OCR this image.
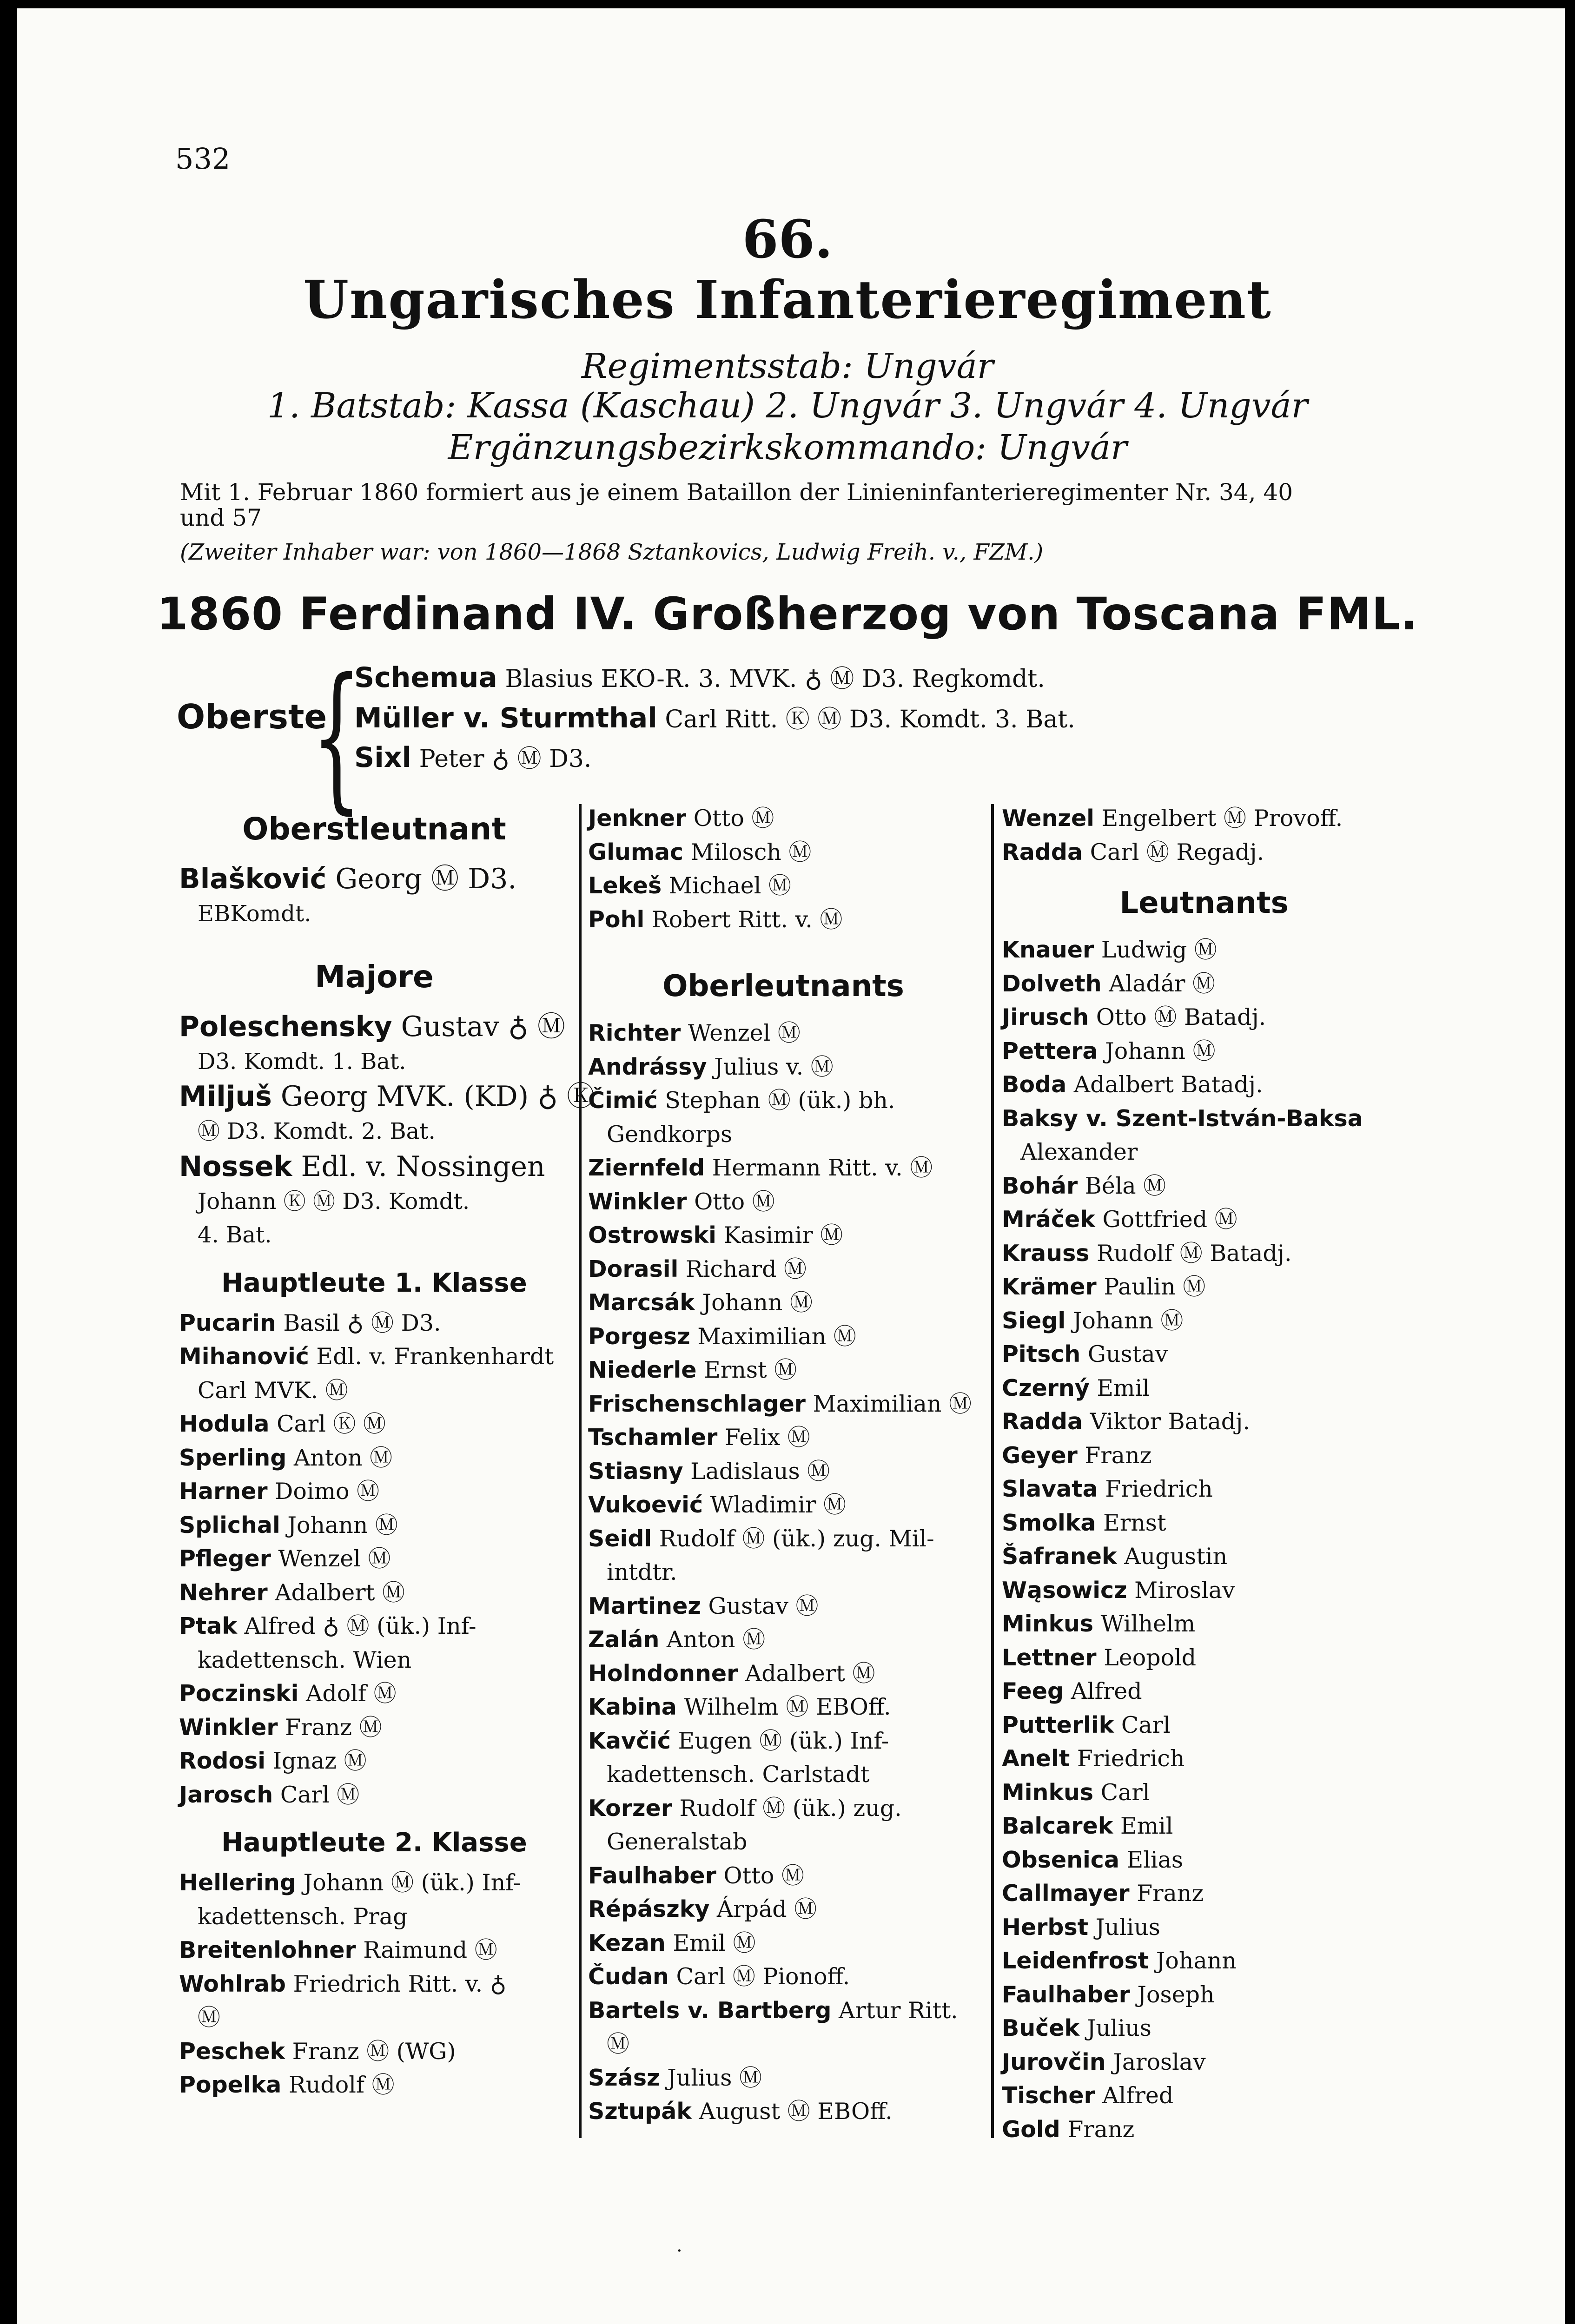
532
66.
Ungarisches Infanterieregiment
Regimentsstab: Ungvár
1. Batstab: Kassa (Kaschau) 2. Ungvár 3. Ungvár 4. Ungvár
Ergänzungsbezirkskommando: Ungvár
Mit 1. Februar 1860 formiert aus je einem Bataillon der Linieninfanterieregimenter Nr. 34, 40
und 57
(Zweiter Inhaber war: von 1860—1868 Sztankovics, Ludwig Freih. v., FZM.)
1860 Ferdinand IV. Großherzog von Toscana FML.
Oberste
{
Schemua Blasius EKO-R. 3. MVK. ♁ Ⓜ D3. Regkomdt.
Müller v. Sturmthal Carl Ritt. Ⓚ Ⓜ D3. Komdt. 3. Bat.
Sixl Peter ♁ Ⓜ D3.
Oberstleutnant
Blašković Georg Ⓜ D3.
EBKomdt.
Majore
Poleschensky Gustav ♁ Ⓜ
D3. Komdt. 1. Bat.
Miljuš Georg MVK. (KD) ♁ Ⓚ
Ⓜ D3. Komdt. 2. Bat.
Nossek Edl. v. Nossingen
Johann Ⓚ Ⓜ D3. Komdt.
4. Bat.
Hauptleute 1. Klasse
Pucarin Basil ♁ Ⓜ D3.
Mihanović Edl. v. Frankenhardt
Carl MVK. Ⓜ
Hodula Carl Ⓚ Ⓜ
Sperling Anton Ⓜ
Harner Doimo Ⓜ
Splichal Johann Ⓜ
Pfleger Wenzel Ⓜ
Nehrer Adalbert Ⓜ
Ptak Alfred ♁ Ⓜ (ük.) Inf-
kadettensch. Wien
Poczinski Adolf Ⓜ
Winkler Franz Ⓜ
Rodosi Ignaz Ⓜ
Jarosch Carl Ⓜ
Hauptleute 2. Klasse
Hellering Johann Ⓜ (ük.) Inf-
kadettensch. Prag
Breitenlohner Raimund Ⓜ
Wohlrab Friedrich Ritt. v. ♁
Ⓜ
Peschek Franz Ⓜ (WG)
Popelka Rudolf Ⓜ
Jenkner Otto Ⓜ
Glumac Milosch Ⓜ
Lekeš Michael Ⓜ
Pohl Robert Ritt. v. Ⓜ
Oberleutnants
Richter Wenzel Ⓜ
Andrássy Julius v. Ⓜ
Čimić Stephan Ⓜ (ük.) bh.
Gendkorps
Ziernfeld Hermann Ritt. v. Ⓜ
Winkler Otto Ⓜ
Ostrowski Kasimir Ⓜ
Dorasil Richard Ⓜ
Marcsák Johann Ⓜ
Porgesz Maximilian Ⓜ
Niederle Ernst Ⓜ
Frischenschlager Maximilian Ⓜ
Tschamler Felix Ⓜ
Stiasny Ladislaus Ⓜ
Vukoević Wladimir Ⓜ
Seidl Rudolf Ⓜ (ük.) zug. Mil-
intdtr.
Martinez Gustav Ⓜ
Zalán Anton Ⓜ
Holndonner Adalbert Ⓜ
Kabina Wilhelm Ⓜ EBOff.
Kavčić Eugen Ⓜ (ük.) Inf-
kadettensch. Carlstadt
Korzer Rudolf Ⓜ (ük.) zug.
Generalstab
Faulhaber Otto Ⓜ
Répászky Árpád Ⓜ
Kezan Emil Ⓜ
Čudan Carl Ⓜ Pionoff.
Bartels v. Bartberg Artur Ritt.
Ⓜ
Szász Julius Ⓜ
Sztupák August Ⓜ EBOff.
Wenzel Engelbert Ⓜ Provoff.
Radda Carl Ⓜ Regadj.
Leutnants
Knauer Ludwig Ⓜ
Dolveth Aladár Ⓜ
Jirusch Otto Ⓜ Batadj.
Pettera Johann Ⓜ
Boda Adalbert Batadj.
Baksy v. Szent-István-Baksa
Alexander
Bohár Béla Ⓜ
Mráček Gottfried Ⓜ
Krauss Rudolf Ⓜ Batadj.
Krämer Paulin Ⓜ
Siegl Johann Ⓜ
Pitsch Gustav
Czerný Emil
Radda Viktor Batadj.
Geyer Franz
Slavata Friedrich
Smolka Ernst
Šafranek Augustin
Wąsowicz Miroslav
Minkus Wilhelm
Lettner Leopold
Feeg Alfred
Putterlik Carl
Anelt Friedrich
Minkus Carl
Balcarek Emil
Obsenica Elias
Callmayer Franz
Herbst Julius
Leidenfrost Johann
Faulhaber Joseph
Buček Julius
Jurovčin Jaroslav
Tischer Alfred
Gold Franz
·
